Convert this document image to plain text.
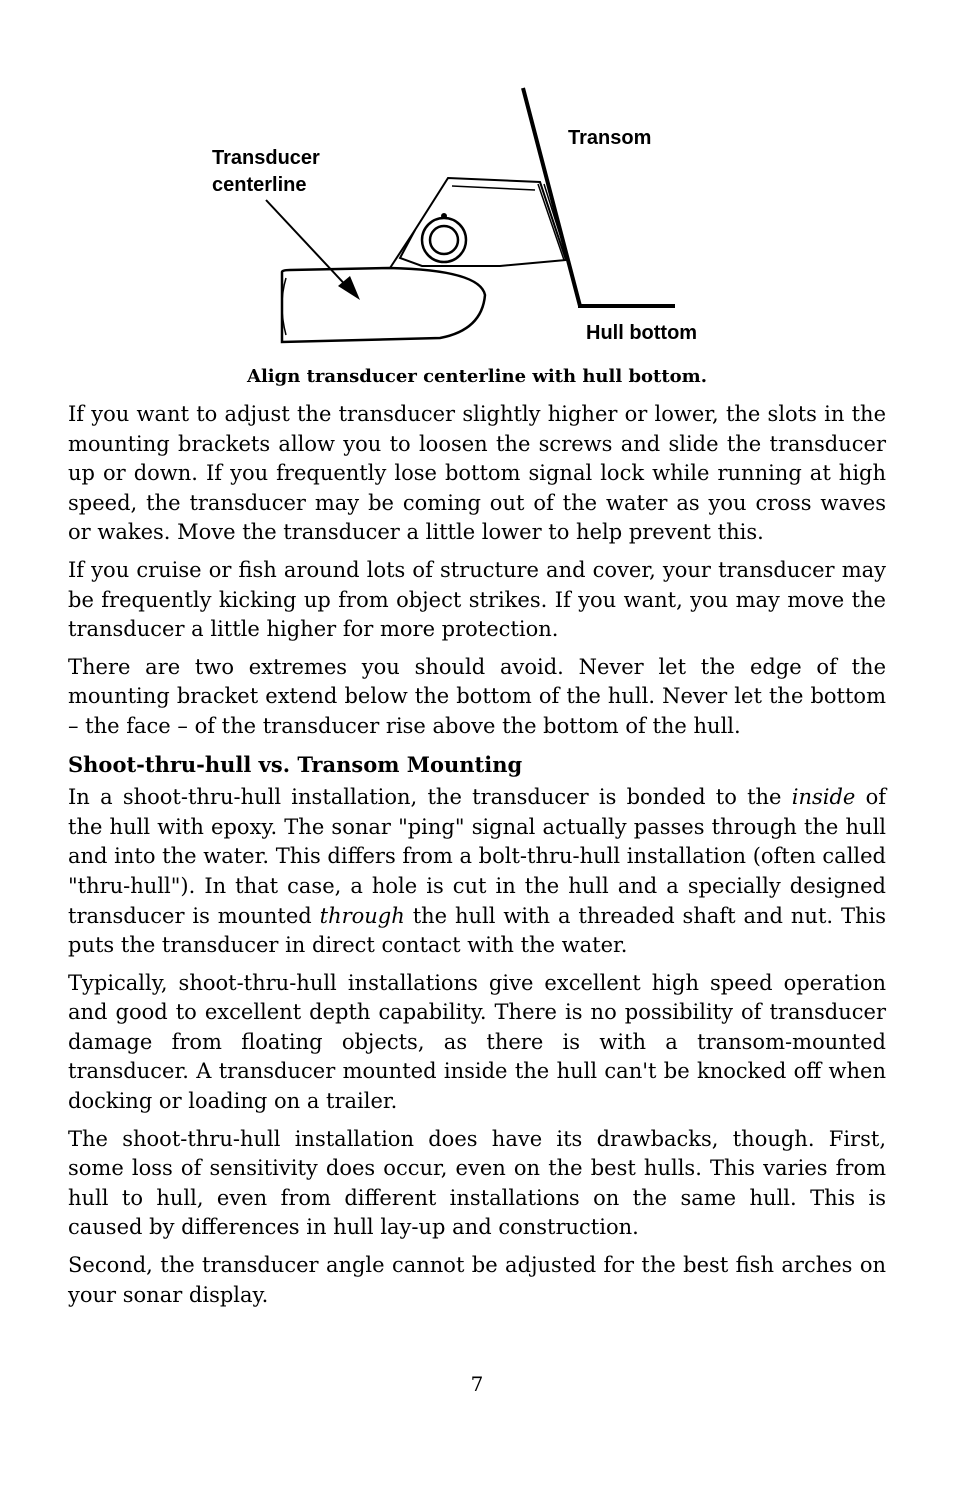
Transducer
centerline
Transom
Hull bottom
Align transducer centerline with hull bottom.

If you want to adjust the transducer slightly higher or lower, the slots in the mounting brackets allow you to loosen the screws and slide the transducer up or down. If you frequently lose bottom signal lock while running at high speed, the transducer may be coming out of the water as you cross waves or wakes. Move the transducer a little lower to help prevent this.

If you cruise or fish around lots of structure and cover, your transducer may be frequently kicking up from object strikes. If you want, you may move the transducer a little higher for more protection.

There are two extremes you should avoid. Never let the edge of the mounting bracket extend below the bottom of the hull. Never let the bottom – the face – of the transducer rise above the bottom of the hull.

Shoot-thru-hull vs. Transom Mounting

In a shoot-thru-hull installation, the transducer is bonded to the inside of the hull with epoxy. The sonar "ping" signal actually passes through the hull and into the water. This differs from a bolt-thru-hull installation (often called "thru-hull"). In that case, a hole is cut in the hull and a specially designed transducer is mounted through the hull with a threaded shaft and nut. This puts the transducer in direct contact with the water.

Typically, shoot-thru-hull installations give excellent high speed operation and good to excellent depth capability. There is no possibility of transducer damage from floating objects, as there is with a transom-mounted transducer. A transducer mounted inside the hull can't be knocked off when docking or loading on a trailer.

The shoot-thru-hull installation does have its drawbacks, though. First, some loss of sensitivity does occur, even on the best hulls. This varies from hull to hull, even from different installations on the same hull. This is caused by differences in hull lay-up and construction.

Second, the transducer angle cannot be adjusted for the best fish arches on your sonar display.

7
